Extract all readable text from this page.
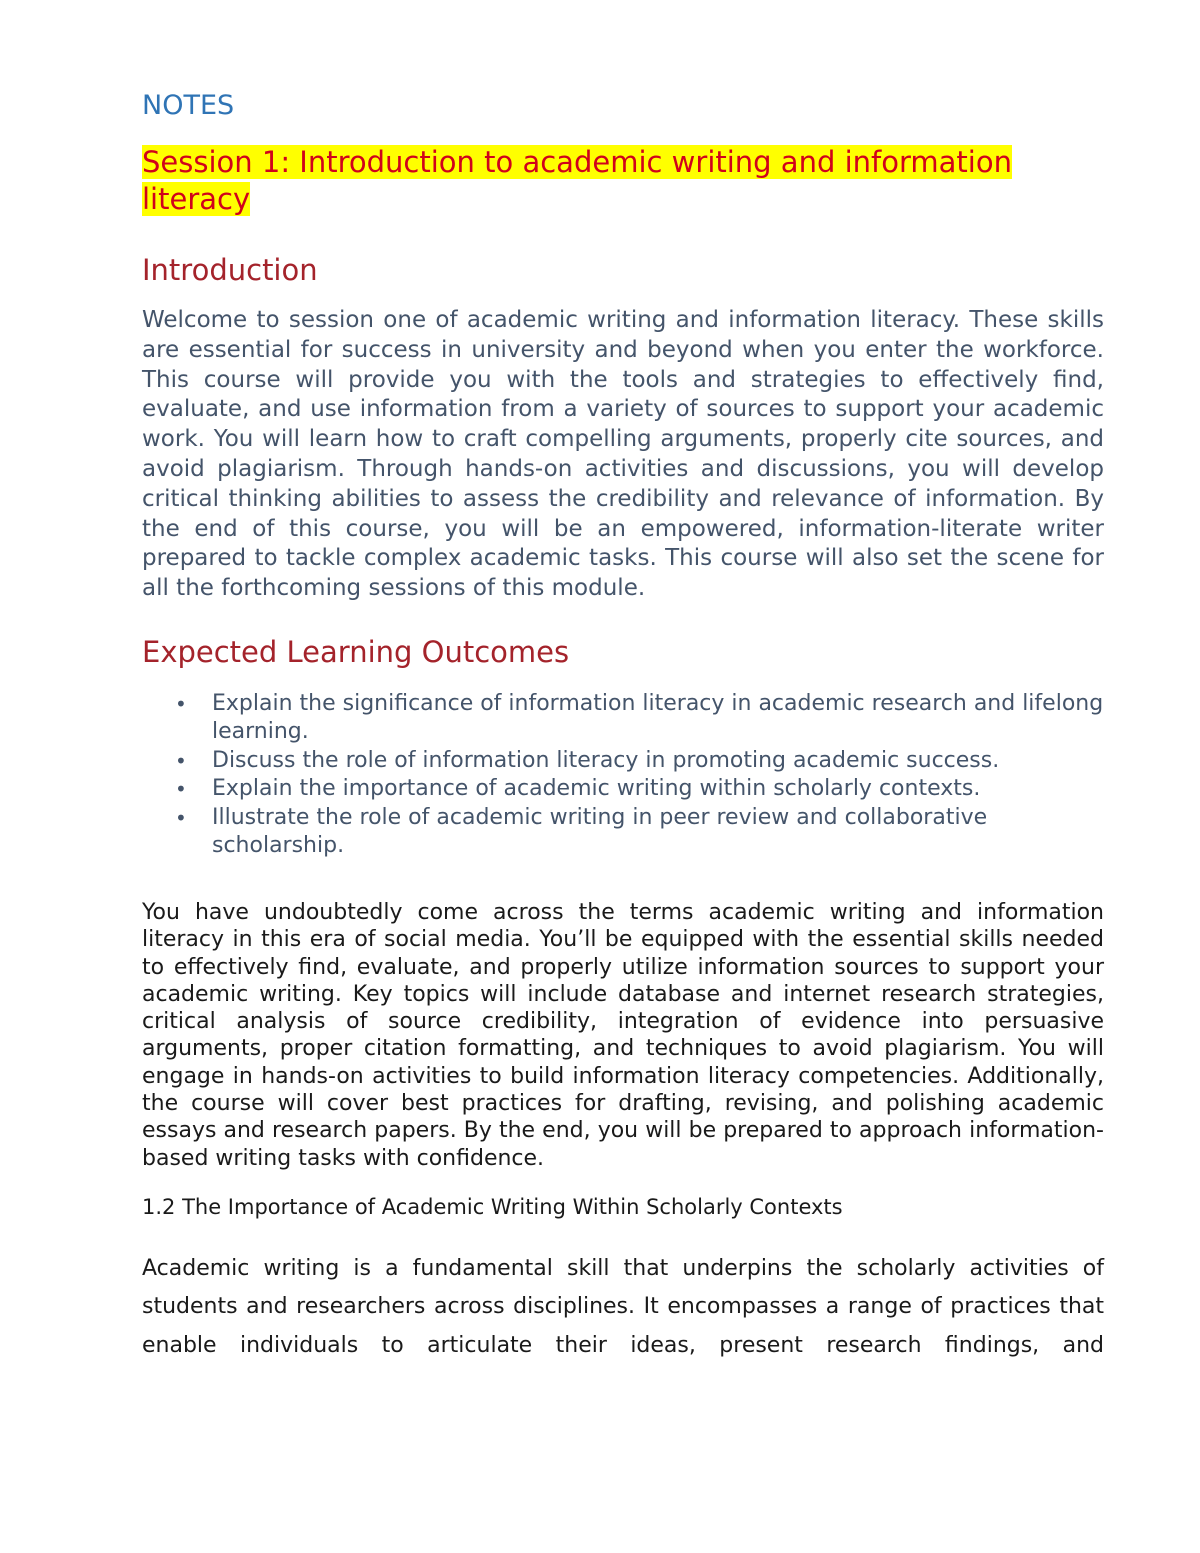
NOTES
Session 1: Introduction to academic writing and information literacy
Introduction

Welcome to session one of academic writing and information literacy. These skills are essential for success in university and beyond when you enter the workforce. This course will provide you with the tools and strategies to effectively find, evaluate, and use information from a variety of sources to support your academic work. You will learn how to craft compelling arguments, properly cite sources, and avoid plagiarism. Through hands-on activities and discussions, you will develop critical thinking abilities to assess the credibility and relevance of information. By the end of this course, you will be an empowered, information-literate writer prepared to tackle complex academic tasks. This course will also set the scene for all the forthcoming sessions of this module.

Expected Learning Outcomes
• Explain the significance of information literacy in academic research and lifelong learning.
• Discuss the role of information literacy in promoting academic success.
• Explain the importance of academic writing within scholarly contexts.
• Illustrate the role of academic writing in peer review and collaborative scholarship.

You have undoubtedly come across the terms academic writing and information literacy in this era of social media. You’ll be equipped with the essential skills needed to effectively find, evaluate, and properly utilize information sources to support your academic writing. Key topics will include database and internet research strategies, critical analysis of source credibility, integration of evidence into persuasive arguments, proper citation formatting, and techniques to avoid plagiarism. You will engage in hands-on activities to build information literacy competencies. Additionally, the course will cover best practices for drafting, revising, and polishing academic essays and research papers. By the end, you will be prepared to approach information-based writing tasks with confidence.

1.2 The Importance of Academic Writing Within Scholarly Contexts

Academic writing is a fundamental skill that underpins the scholarly activities of students and researchers across disciplines. It encompasses a range of practices that enable individuals to articulate their ideas, present research findings, and
